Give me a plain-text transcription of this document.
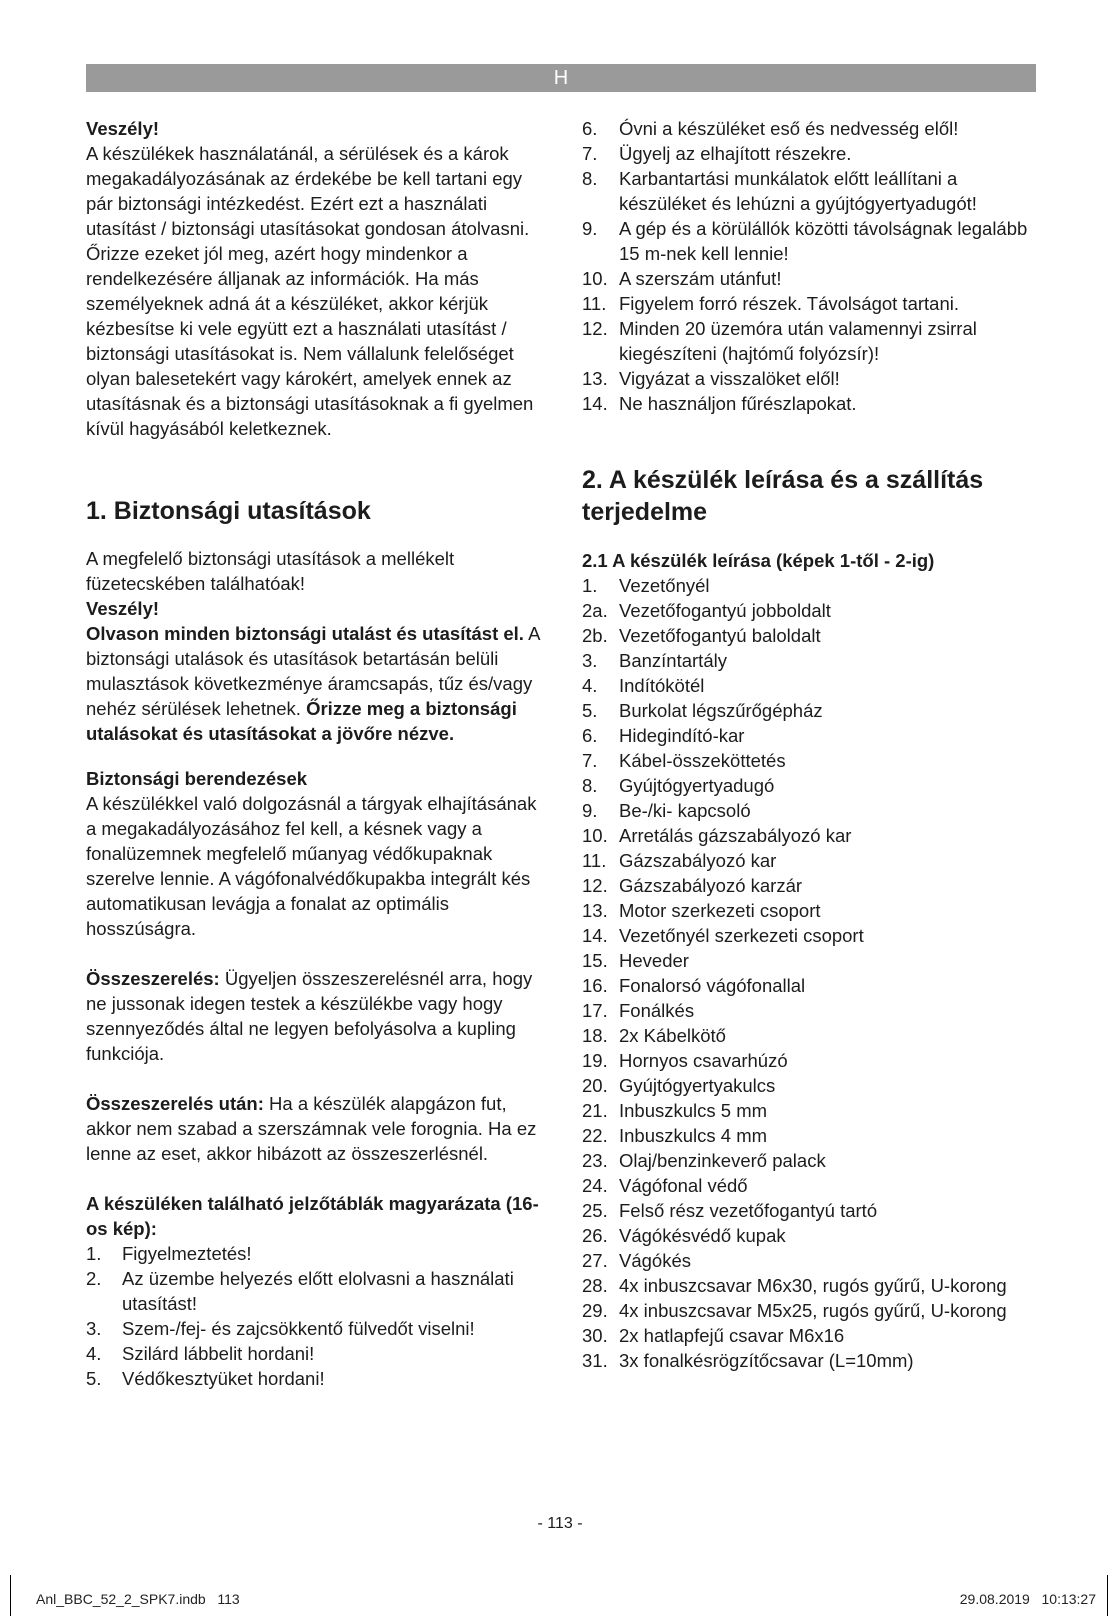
H

Veszély!

A készülékek használatánál, a sérülések és a károk megakadályozásának az érdekébe be kell tartani egy pár biztonsági intézkedést. Ezért ezt a használati utasítást / biztonsági utasításokat gondosan átolvasni. Őrizze ezeket jól meg, azért hogy mindenkor a rendelkezésére álljanak az információk. Ha más személyeknek adná át a készüléket, akkor kérjük kézbesítse ki vele együtt ezt a használati utasítást / biztonsági utasításokat is. Nem vállalunk felelőséget olyan balesetekért vagy károkért, amelyek ennek az utasításnak és a biztonsági utasításoknak a fi gyelmen kívül hagyásából keletkeznek.

1. Biztonsági utasítások

A megfelelő biztonsági utasítások a mellékelt füzetecskében találhatóak!

Veszély!

Olvason minden biztonsági utalást és utasítást el. A biztonsági utalások és utasítások betartásán belüli mulasztások következménye áramcsapás, tűz és/vagy nehéz sérülések lehetnek. Őrizze meg a biztonsági utalásokat és utasításokat a jövőre nézve.

Biztonsági berendezések

A készülékkel való dolgozásnál a tárgyak elhajításának a megakadályozásához fel kell, a késnek vagy a fonalüzemnek megfelelő műanyag védőkupaknak szerelve lennie. A vágófonalvédőkupakba integrált kés automatikusan levágja a fonalat az optimális hosszúságra.

Összeszerelés: Ügyeljen összeszerelésnél arra, hogy ne jussonak idegen testek a készülékbe vagy hogy szennyeződés által ne legyen befolyásolva a kupling funkciója.

Összeszerelés után: Ha a készülék alapgázon fut, akkor nem szabad a szerszámnak vele forognia. Ha ez lenne az eset, akkor hibázott az összeszerlésnél.

A készüléken található jelzőtáblák magyarázata (16-os kép):

1.	Figyelmeztetés!
2.	Az üzembe helyezés előtt elolvasni a használati utasítást!
3.	Szem-/fej- és zajcsökkentő fülvedőt viselni!
4.	Szilárd lábbelit hordani!
5.	Védőkesztyüket hordani!
6.	Óvni a készüléket eső és nedvesség elől!
7.	Ügyelj az elhajított részekre.
8.	Karbantartási munkálatok előtt leállítani a készüléket és lehúzni a gyújtógyertyadugót!
9.	A gép és a körülállók közötti távolságnak legalább 15 m-nek kell lennie!
10. A szerszám utánfut!
11. Figyelem forró részek. Távolságot tartani.
12. Minden 20 üzemóra után valamennyi zsirral kiegészíteni (hajtómű folyózsír)!
13. Vigyázat a visszalöket elől!
14. Ne használjon fűrészlapokat.

2. A készülék leírása és a szállítás terjedelme

2.1 A készülék leírása (képek 1-től - 2-ig)

1.	Vezetőnyél
2a. Vezetőfogantyú jobboldalt
2b. Vezetőfogantyú baloldalt
3.	Banzíntartály
4.	Indítókötél
5.	Burkolat légszűrőgépház
6.	Hidegindító-kar
7.	Kábel-összeköttetés
8.	Gyújtógyertyadugó
9.	Be-/ki- kapcsoló
10. Arretálás gázszabályozó kar
11. Gázszabályozó kar
12. Gázszabályozó karzár
13. Motor szerkezeti csoport
14. Vezetőnyél szerkezeti csoport
15. Heveder
16. Fonalorsó vágófonallal
17. Fonálkés
18. 2x Kábelkötő
19. Hornyos csavarhúzó
20. Gyújtógyertyakulcs
21. Inbuszkulcs 5 mm
22. Inbuszkulcs 4 mm
23. Olaj/benzinkeverő palack
24. Vágófonal védő
25. Felső rész vezetőfogantyú tartó
26. Vágókésvédő kupak
27. Vágókés
28. 4x inbuszcsavar M6x30, rugós gyűrű, U-korong
29. 4x inbuszcsavar M5x25, rugós gyűrű, U-korong
30. 2x hatlapfejű csavar M6x16
31. 3x fonalkésrögzítőcsavar (L=10mm)
- 113 -
Anl_BBC_52_2_SPK7.indb   113	29.08.2019   10:13:27
